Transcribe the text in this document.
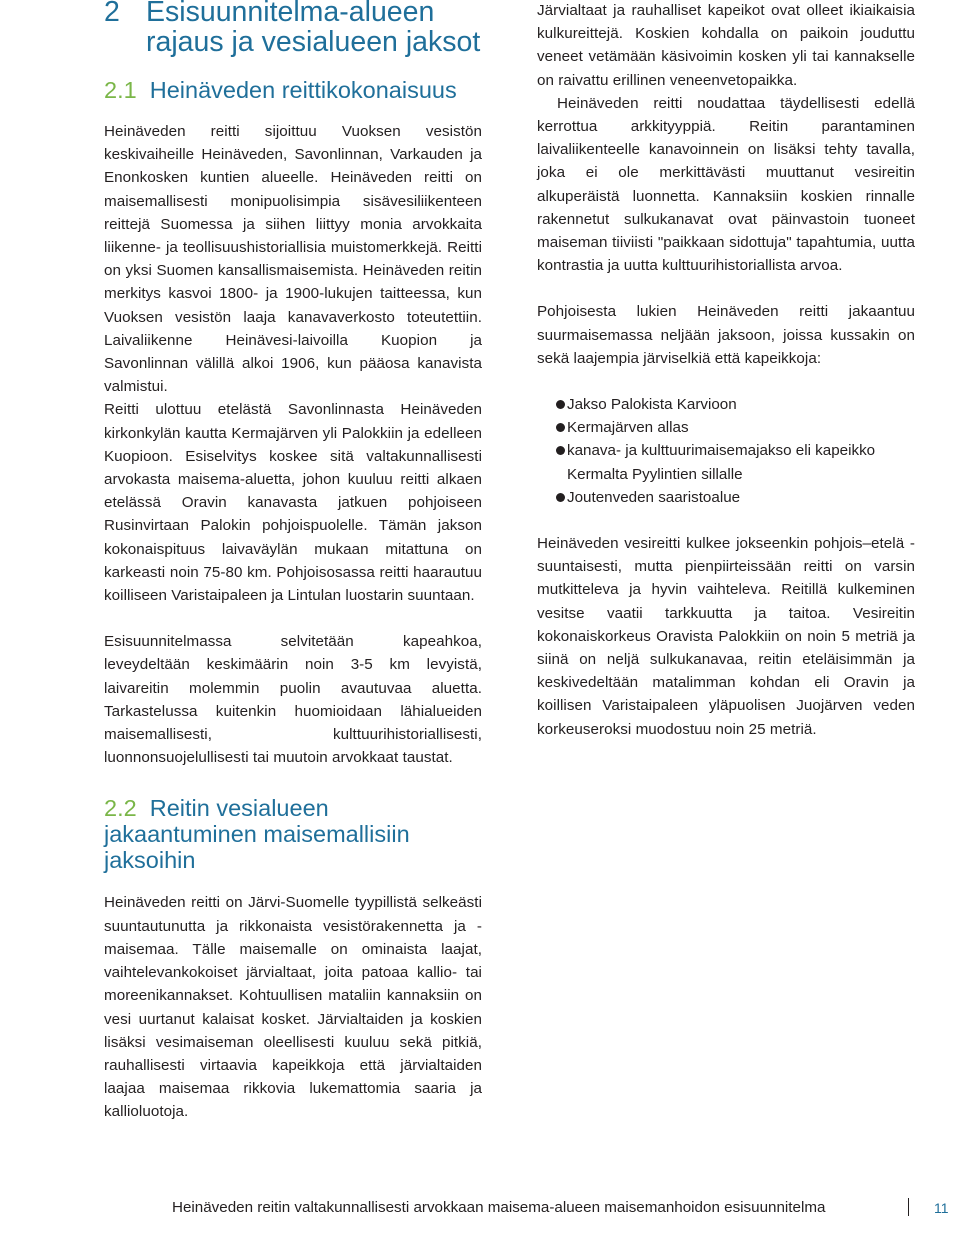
2 Esisuunnitelma-alueen rajaus ja vesialueen jaksot
2.1 Heinäveden reittikokonaisuus

Heinäveden reitti sijoittuu Vuoksen vesistön keskivaiheille Heinäveden, Savonlinnan, Varkauden ja Enonkosken kuntien alueelle. Heinäveden reitti on maisemallisesti monipuolisimpia sisävesiliikenteen reittejä Suomessa ja siihen liittyy monia arvokkaita liikenne- ja teollisuushistoriallisia muistomerkkejä. Reitti on yksi Suomen kansallismaisemista. Heinäveden reitin merkitys kasvoi 1800- ja 1900-lukujen taitteessa, kun Vuoksen vesistön laaja kanavaverkosto toteutettiin. Laivaliikenne Heinävesi-laivoilla Kuopion ja Savonlinnan välillä alkoi 1906, kun pääosa kanavista valmistui.

Reitti ulottuu etelästä Savonlinnasta Heinäveden kirkonkylän kautta Kermajärven yli Palokkiin ja edelleen Kuopioon. Esiselvitys koskee sitä valtakunnallisesti arvokasta maisema-aluetta, johon kuuluu reitti alkaen etelässä Oravin kanavasta jatkuen pohjoiseen Rusinvirtaan Palokin pohjoispuolelle. Tämän jakson kokonaispituus laivaväylän mukaan mitattuna on karkeasti noin 75-80 km. Pohjoisosassa reitti haarautuu koilliseen Varistaipaleen ja Lintulan luostarin suuntaan.

Esisuunnitelmassa selvitetään kapeahkoa, leveydeltään keskimäärin noin 3-5 km levyistä, laivareitin molemmin puolin avautuvaa aluetta. Tarkastelussa kuitenkin huomioidaan lähialueiden maisemallisesti, kulttuurihistoriallisesti, luonnonsuojelullisesti tai muutoin arvokkaat taustat.

2.2 Reitin vesialueen jakaantuminen maisemallisiin jaksoihin

Heinäveden reitti on Järvi-Suomelle tyypillistä selkeästi suuntautunutta ja rikkonaista vesistörakennetta ja -maisemaa. Tälle maisemalle on ominaista laajat, vaihtelevankokoiset järvialtaat, joita patoaa kallio- tai moreenikannakset. Kohtuullisen mataliin kannaksiin on vesi uurtanut kalaisat kosket. Järvialtaiden ja koskien lisäksi vesimaiseman oleellisesti kuuluu sekä pitkiä, rauhallisesti virtaavia kapeikkoja että järvialtaiden laajaa maisemaa rikkovia lukemattomia saaria ja kallioluotoja.

Järvialtaat ja rauhalliset kapeikot ovat olleet ikiaikaisia kulkureittejä. Koskien kohdalla on paikoin jouduttu veneet vetämään käsivoimin kosken yli tai kannakselle on raivattu erillinen veneenvetopaikka.

Heinäveden reitti noudattaa täydellisesti edellä kerrottua arkkityyppiä. Reitin parantaminen laivaliikenteelle kanavoinnein on lisäksi tehty tavalla, joka ei ole merkittävästi muuttanut vesireitin alkuperäistä luonnetta. Kannaksiin koskien rinnalle rakennetut sulkukanavat ovat päinvastoin tuoneet maiseman tiiviisti "paikkaan sidottuja" tapahtumia, uutta kontrastia ja uutta kulttuurihistoriallista arvoa.

Pohjoisesta lukien Heinäveden reitti jakaantuu suurmaisemassa neljään jaksoon, joissa kussakin on sekä laajempia järviselkiä että kapeikkoja:

Jakso Palokista Karvioon
Kermajärven allas
kanava- ja kulttuurimaisemajakso eli kapeikko Kermalta Pyylintien sillalle
Joutenveden saaristoalue

Heinäveden vesireitti kulkee jokseenkin pohjois–etelä -suuntaisesti, mutta pienpiirteissään reitti on varsin mutkitteleva ja hyvin vaihteleva. Reitillä kulkeminen vesitse vaatii tarkkuutta ja taitoa. Vesireitin kokonaiskorkeus Oravista Palokkiin on noin 5 metriä ja siinä on neljä sulkukanavaa, reitin eteläisimmän ja keskivedeltään matalimman kohdan eli Oravin ja koillisen Varistaipaleen yläpuolisen Juojärven veden korkeuseroksi muodostuu noin 25 metriä.

Heinäveden reitin valtakunnallisesti arvokkaan maisema-alueen maisemanhoidon esisuunnitelma	11
